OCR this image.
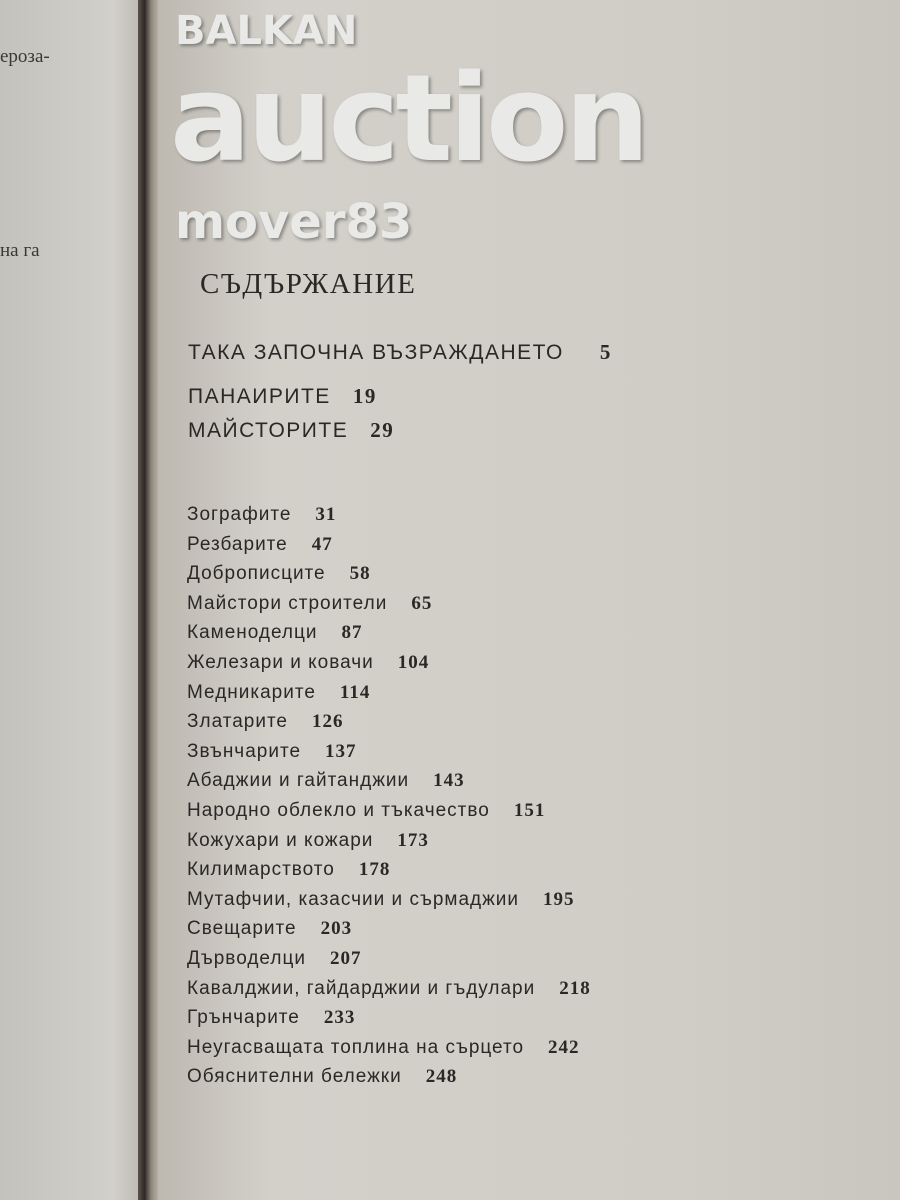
ероза-
на га
BALKAN
auction
mover83
СЪДЪРЖАНИЕ
ТАКА ЗАПОЧНА ВЪЗРАЖДАНЕТО 5
ПАНАИРИТЕ 19
МАЙСТОРИТЕ 29
Зографите 31
Резбарите 47
Доброписците 58
Майстори строители 65
Каменоделци 87
Железари и ковачи 104
Медникарите 114
Златарите 126
Звънчарите 137
Абаджии и гайтанджии 143
Народно облекло и тъкачество 151
Кожухари и кожари 173
Килимарството 178
Мутафчии, казасчии и сърмаджии 195
Свещарите 203
Дърводелци 207
Кавалджии, гайдарджии и гъдулари 218
Грънчарите 233
Неугасващата топлина на сърцето 242
Обяснителни бележки 248
